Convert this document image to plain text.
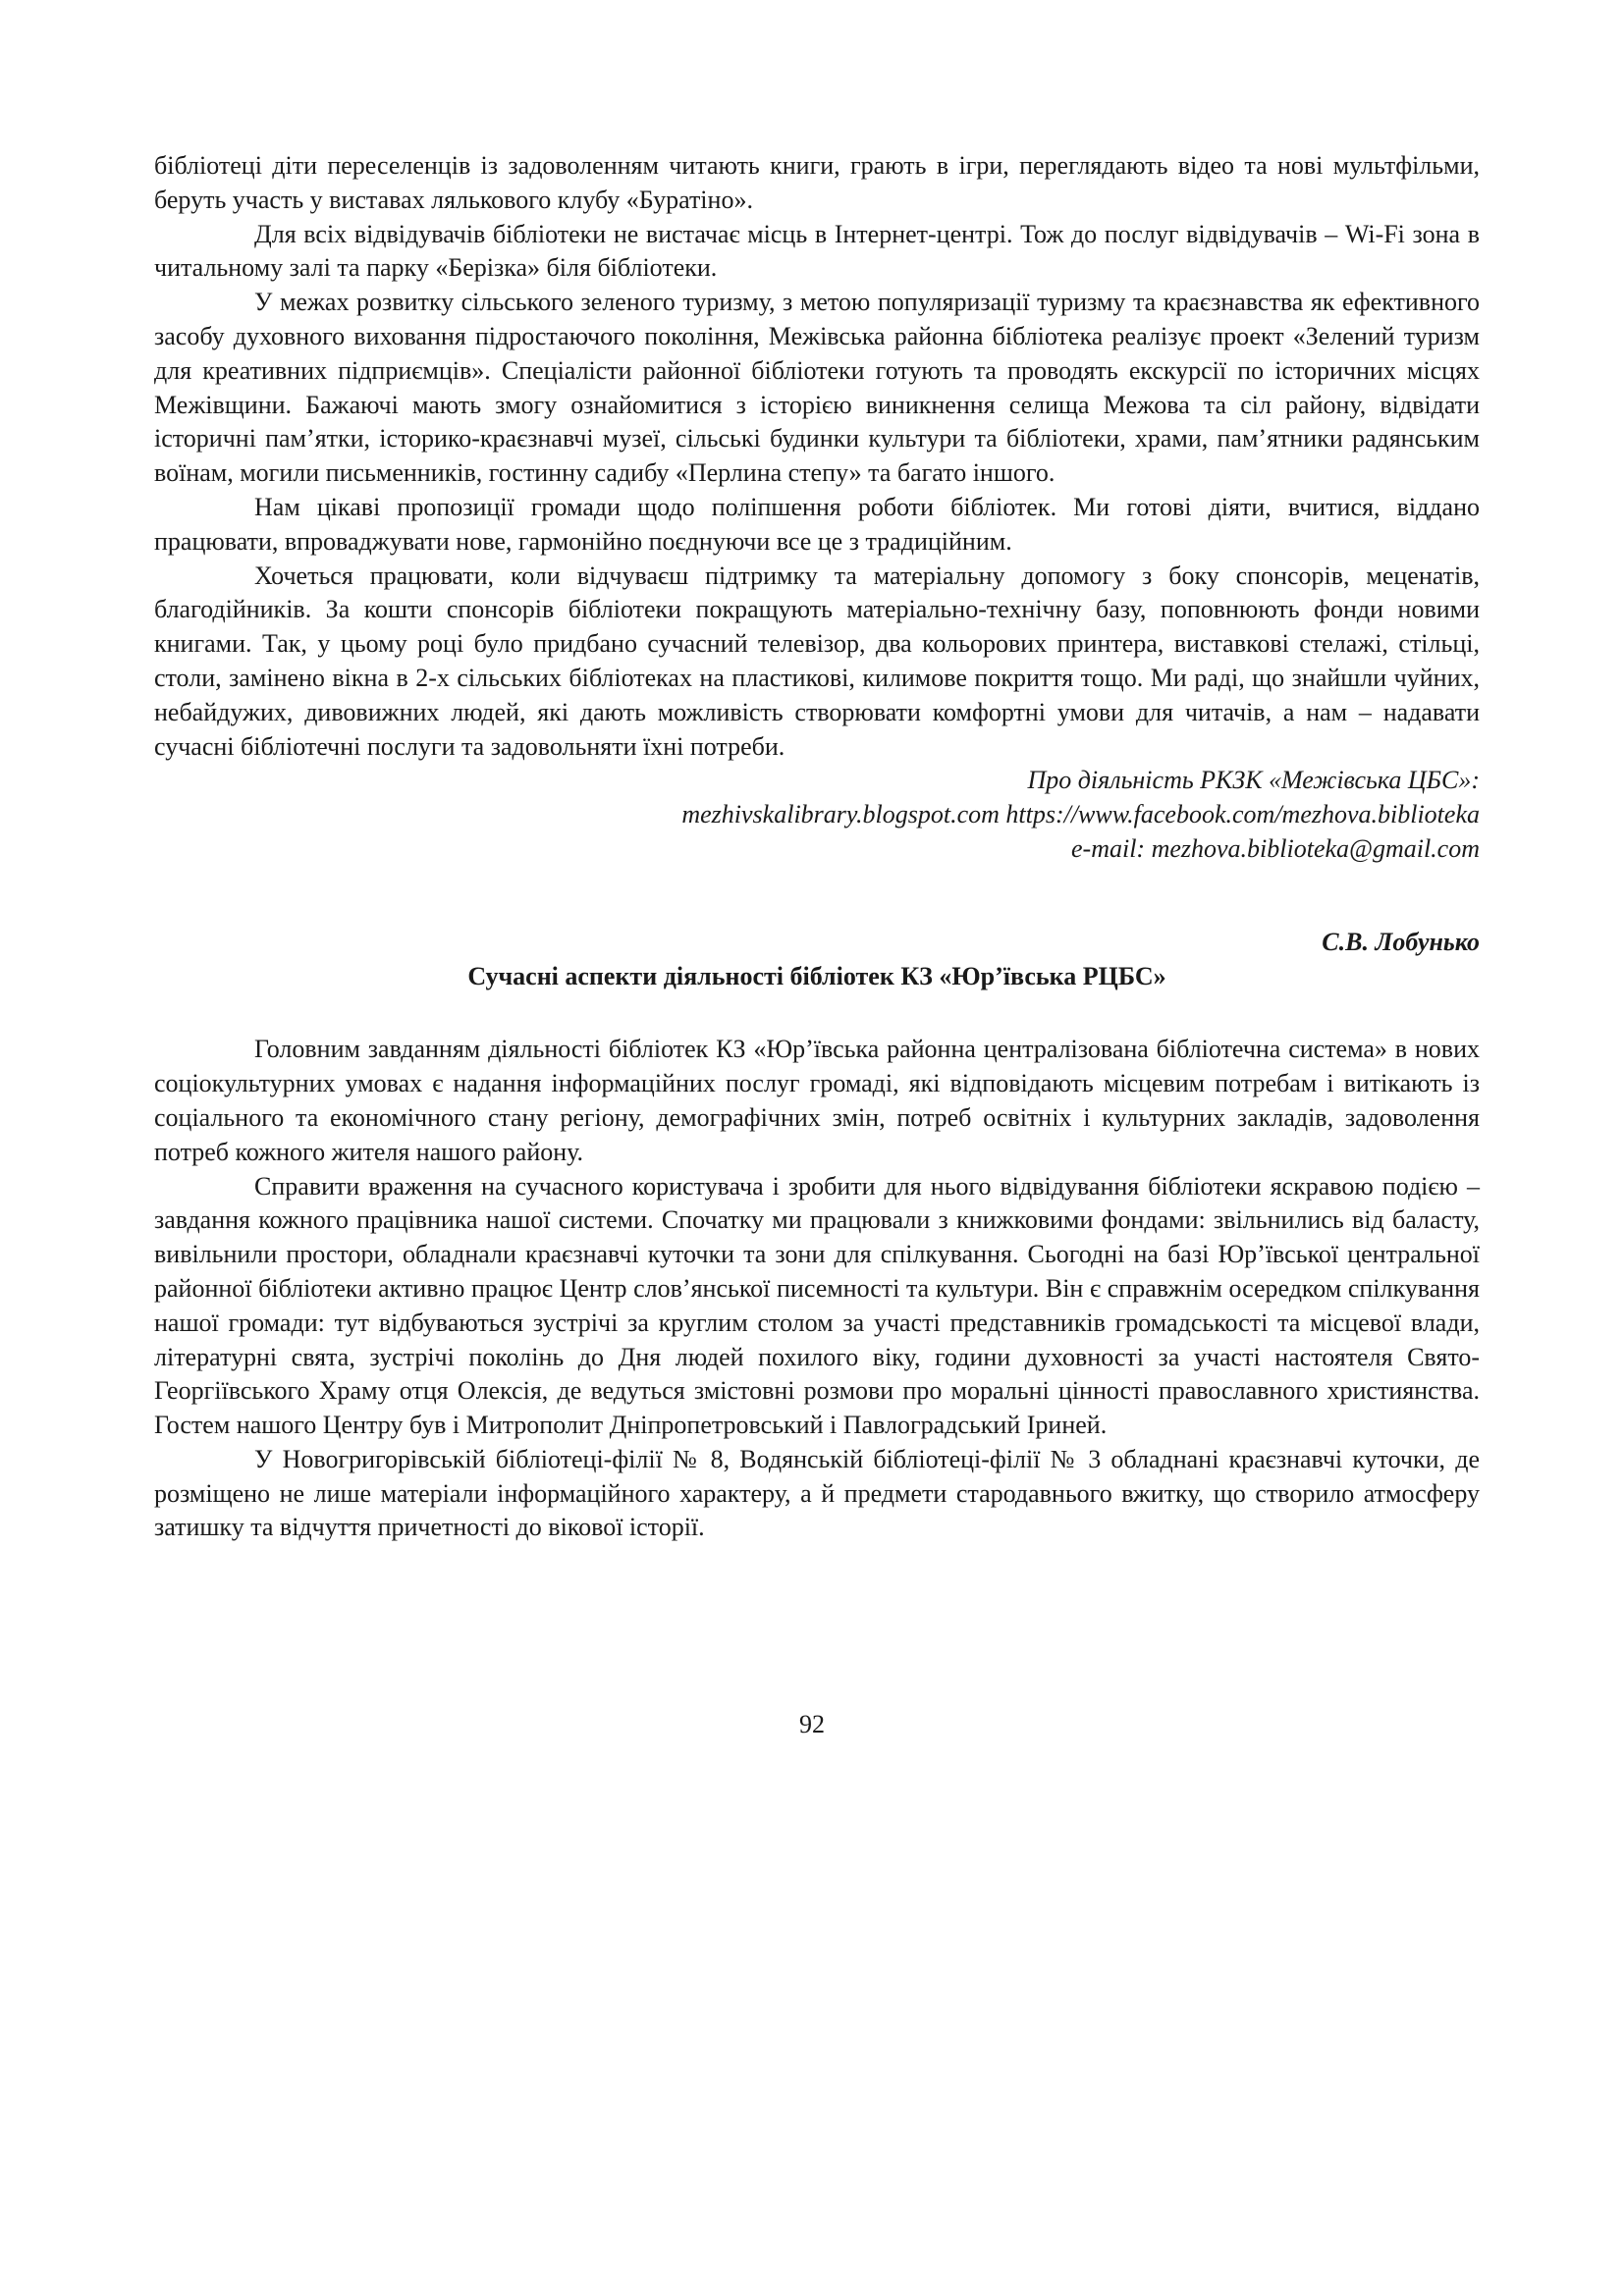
бібліотеці діти переселенців із задоволенням читають книги, грають в ігри, переглядають відео та нові мультфільми, беруть участь у виставах лялькового клубу «Буратіно».

Для всіх відвідувачів бібліотеки не вистачає місць в Інтернет-центрі. Тож до послуг відвідувачів – Wi-Fi зона в читальному залі та парку «Берізка» біля бібліотеки.

У межах розвитку сільського зеленого туризму, з метою популяризації туризму та краєзнавства як ефективного засобу духовного виховання підростаючого покоління, Межівська районна бібліотека реалізує проект «Зелений туризм для креативних підприємців». Спеціалісти районної бібліотеки готують та проводять екскурсії по історичних місцях Межівщини. Бажаючі мають змогу ознайомитися з історією виникнення селища Межова та сіл району, відвідати історичні пам’ятки, історико-краєзнавчі музеї, сільські будинки культури та бібліотеки, храми, пам’ятники радянським воїнам, могили письменників, гостинну садибу «Перлина степу» та багато іншого.

Нам цікаві пропозиції громади щодо поліпшення роботи бібліотек. Ми готові діяти, вчитися, віддано працювати, впроваджувати нове, гармонійно поєднуючи все це з традиційним.

Хочеться працювати, коли відчуваєш підтримку та матеріальну допомогу з боку спонсорів, меценатів, благодійників. За кошти спонсорів бібліотеки покращують матеріально-технічну базу, поповнюють фонди новими книгами. Так, у цьому році було придбано сучасний телевізор, два кольорових принтера, виставкові стелажі, стільці, столи, замінено вікна в 2-х сільських бібліотеках на пластикові, килимове покриття тощо. Ми раді, що знайшли чуйних, небайдужих, дивовижних людей, які дають можливість створювати комфортні умови для читачів, а нам – надавати сучасні бібліотечні послуги та задовольняти їхні потреби.

Про діяльність РКЗК «Межівська ЦБС»:
mezhivskalibrary.blogspot.com https://www.facebook.com/mezhova.biblioteka
e-mail: mezhova.biblioteka@gmail.com
С.В. Лобунько
Сучасні аспекти діяльності бібліотек КЗ «Юр’ївська РЦБС»

Головним завданням діяльності бібліотек КЗ «Юр’ївська районна централізована бібліотечна система» в нових соціокультурних умовах є надання інформаційних послуг громаді, які відповідають місцевим потребам і витікають із соціального та економічного стану регіону, демографічних змін, потреб освітніх і культурних закладів, задоволення потреб кожного жителя нашого району.

Справити враження на сучасного користувача і зробити для нього відвідування бібліотеки яскравою подією – завдання кожного працівника нашої системи. Спочатку ми працювали з книжковими фондами: звільнились від баласту, вивільнили простори, обладнали краєзнавчі куточки та зони для спілкування. Сьогодні на базі Юр’ївської центральної районної бібліотеки активно працює Центр слов’янської писемності та культури. Він є справжнім осередком спілкування нашої громади: тут відбуваються зустрічі за круглим столом за участі представників громадськості та місцевої влади, літературні свята, зустрічі поколінь до Дня людей похилого віку, години духовності за участі настоятеля Свято-Георгіївського Храму отця Олексія, де ведуться змістовні розмови про моральні цінності православного християнства. Гостем нашого Центру був і Митрополит Дніпропетровський і Павлоградський Іриней.

У Новогригорівській бібліотеці-філії № 8, Водянській бібліотеці-філії № 3 обладнані краєзнавчі куточки, де розміщено не лише матеріали інформаційного характеру, а й предмети стародавнього вжитку, що створило атмосферу затишку та відчуття причетності до вікової історії.

92
